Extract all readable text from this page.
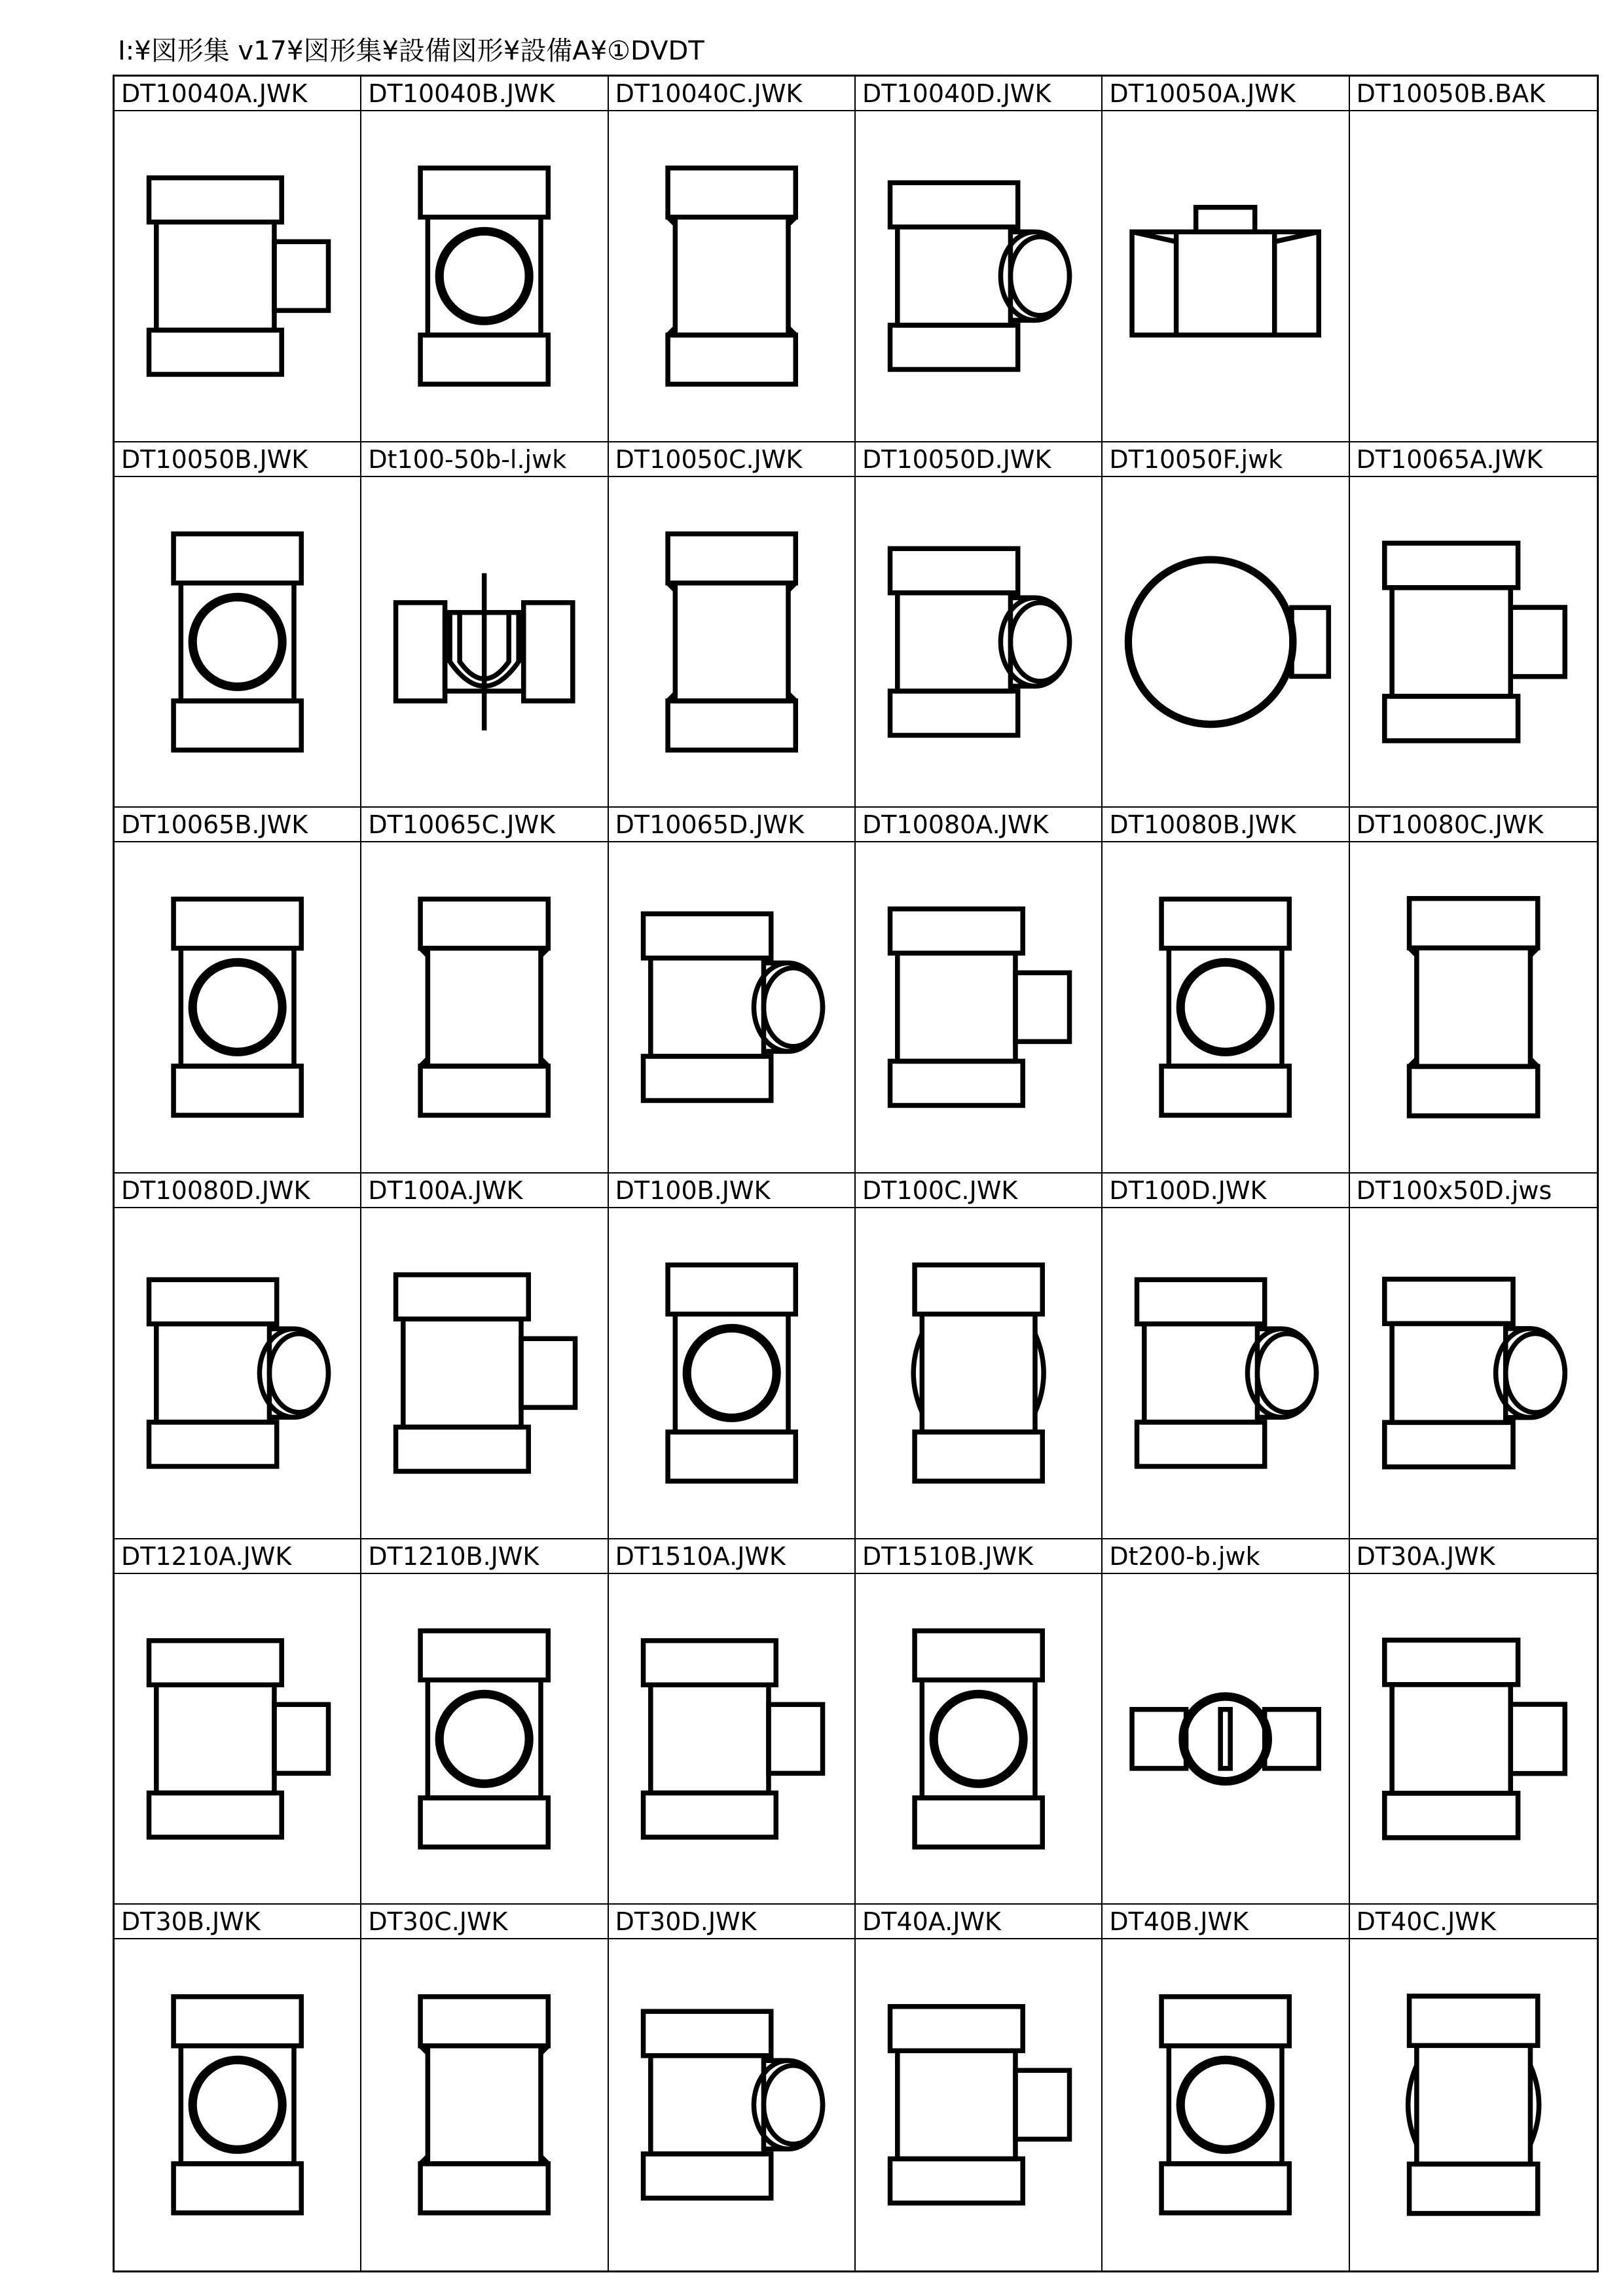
I:¥図形集 v17¥図形集¥設備図形¥設備A¥①DVDT
DT10040A.JWK	DT10040B.JWK	DT10040C.JWK	DT10040D.JWK	DT10050A.JWK	DT10050B.BAK
DT10050B.JWK	Dt100-50b-l.jwk	DT10050C.JWK	DT10050D.JWK	DT10050F.jwk	DT10065A.JWK
DT10065B.JWK	DT10065C.JWK	DT10065D.JWK	DT10080A.JWK	DT10080B.JWK	DT10080C.JWK
DT10080D.JWK	DT100A.JWK	DT100B.JWK	DT100C.JWK	DT100D.JWK	DT100x50D.jws
DT1210A.JWK	DT1210B.JWK	DT1510A.JWK	DT1510B.JWK	Dt200-b.jwk	DT30A.JWK
DT30B.JWK	DT30C.JWK	DT30D.JWK	DT40A.JWK	DT40B.JWK	DT40C.JWK
